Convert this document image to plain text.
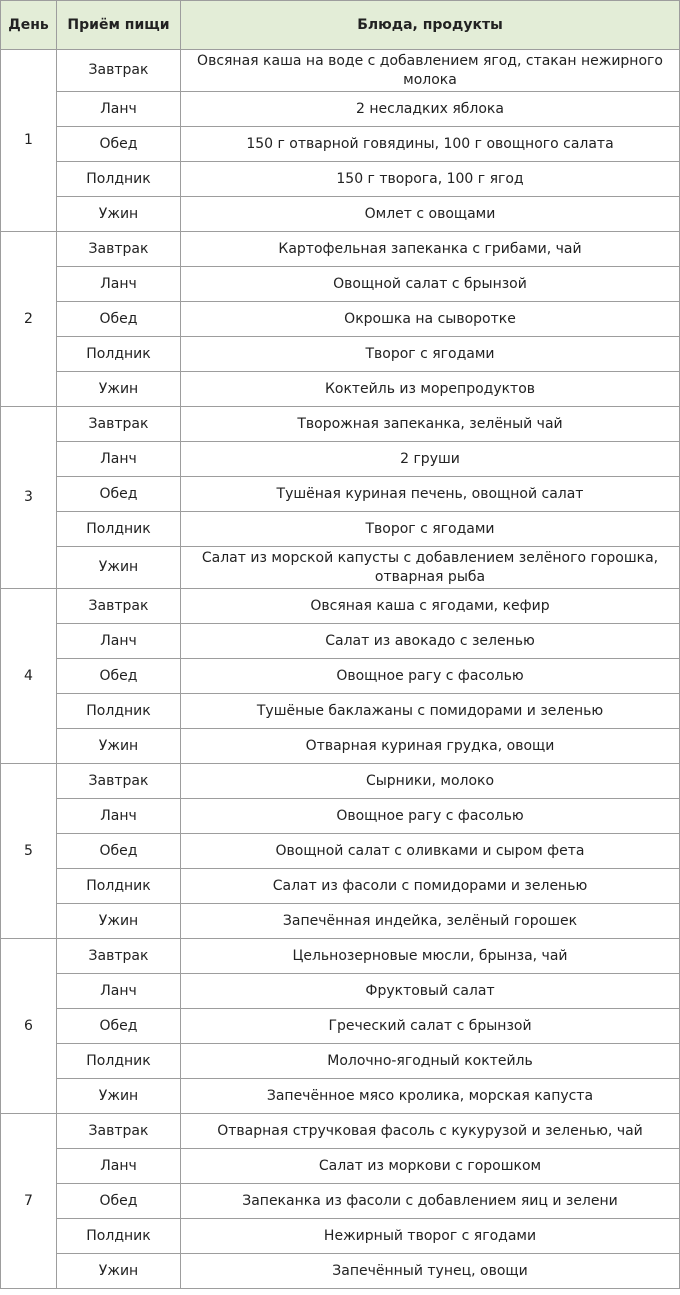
День	Приём пищи	Блюда, продукты
1	Завтрак	Овсяная каша на воде с добавлением ягод, стакан нежирного молока
	Ланч	2 несладких яблока
	Обед	150 г отварной говядины, 100 г овощного салата
	Полдник	150 г творога, 100 г ягод
	Ужин	Омлет с овощами
2	Завтрак	Картофельная запеканка с грибами, чай
	Ланч	Овощной салат с брынзой
	Обед	Окрошка на сыворотке
	Полдник	Творог с ягодами
	Ужин	Коктейль из морепродуктов
3	Завтрак	Творожная запеканка, зелёный чай
	Ланч	2 груши
	Обед	Тушёная куриная печень, овощной салат
	Полдник	Творог с ягодами
	Ужин	Салат из морской капусты с добавлением зелёного горошка, отварная рыба
4	Завтрак	Овсяная каша с ягодами, кефир
	Ланч	Салат из авокадо с зеленью
	Обед	Овощное рагу с фасолью
	Полдник	Тушёные баклажаны с помидорами и зеленью
	Ужин	Отварная куриная грудка, овощи
5	Завтрак	Сырники, молоко
	Ланч	Овощное рагу с фасолью
	Обед	Овощной салат с оливками и сыром фета
	Полдник	Салат из фасоли с помидорами и зеленью
	Ужин	Запечённая индейка, зелёный горошек
6	Завтрак	Цельнозерновые мюсли, брынза, чай
	Ланч	Фруктовый салат
	Обед	Греческий салат с брынзой
	Полдник	Молочно-ягодный коктейль
	Ужин	Запечённое мясо кролика, морская капуста
7	Завтрак	Отварная стручковая фасоль с кукурузой и зеленью, чай
	Ланч	Салат из моркови с горошком
	Обед	Запеканка из фасоли с добавлением яиц и зелени
	Полдник	Нежирный творог с ягодами
	Ужин	Запечённый тунец, овощи
